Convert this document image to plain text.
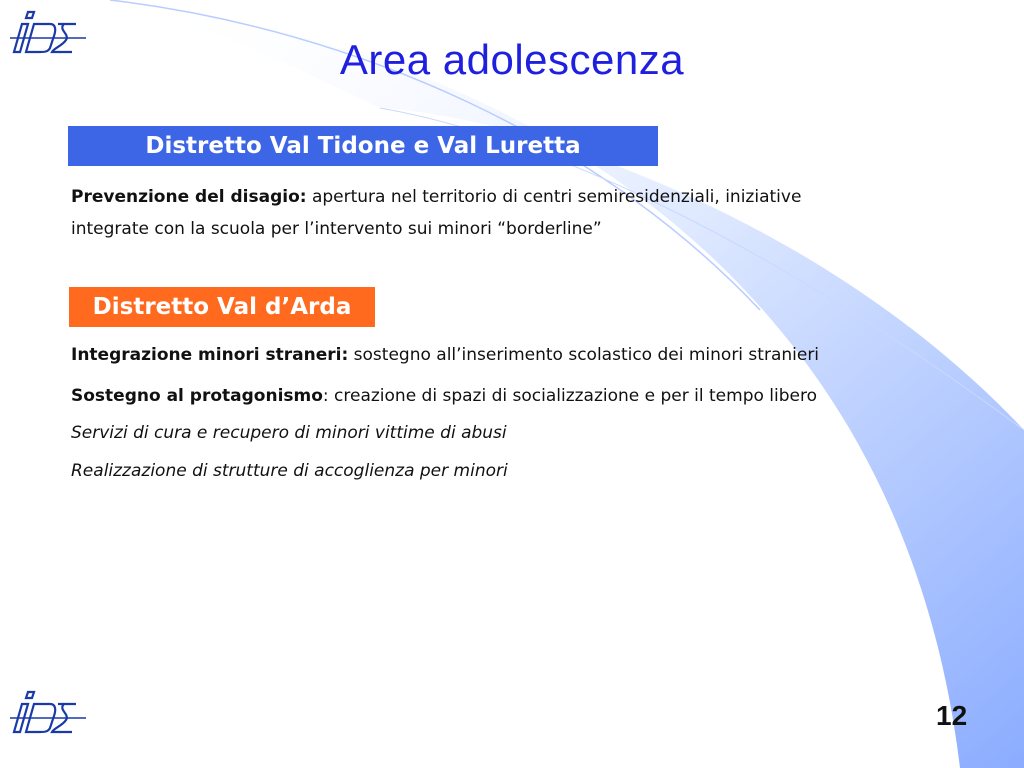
Area adolescenza
Distretto Val Tidone e Val Luretta
Prevenzione del disagio: apertura nel territorio di centri semiresidenziali, iniziative
integrate con la scuola per l’intervento sui minori “borderline”
Distretto Val d’Arda
Integrazione minori straneri: sostegno all’inserimento scolastico dei minori stranieri
Sostegno al protagonismo: creazione di spazi di socializzazione e per il tempo libero
Servizi di cura e recupero di minori vittime di abusi
Realizzazione di strutture di accoglienza per minori
12
